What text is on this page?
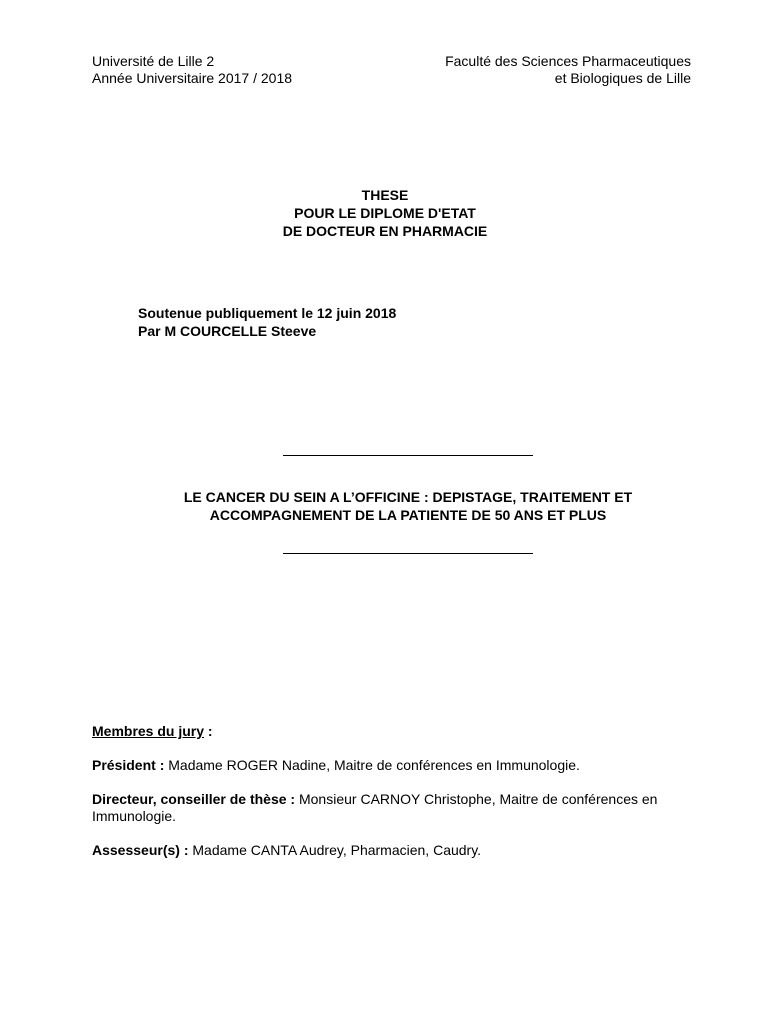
Université de Lille 2
Année Universitaire 2017 / 2018
Faculté des Sciences Pharmaceutiques
et Biologiques de Lille
THESE
POUR LE DIPLOME D'ETAT
DE DOCTEUR EN PHARMACIE
Soutenue publiquement le 12 juin 2018
Par M COURCELLE Steeve
LE CANCER DU SEIN A L’OFFICINE : DEPISTAGE, TRAITEMENT ET
ACCOMPAGNEMENT DE LA PATIENTE DE 50 ANS ET PLUS
Membres du jury :
Président : Madame ROGER Nadine, Maitre de conférences en Immunologie.
Directeur, conseiller de thèse : Monsieur CARNOY Christophe, Maitre de conférences en Immunologie.
Assesseur(s) : Madame CANTA Audrey, Pharmacien, Caudry.
